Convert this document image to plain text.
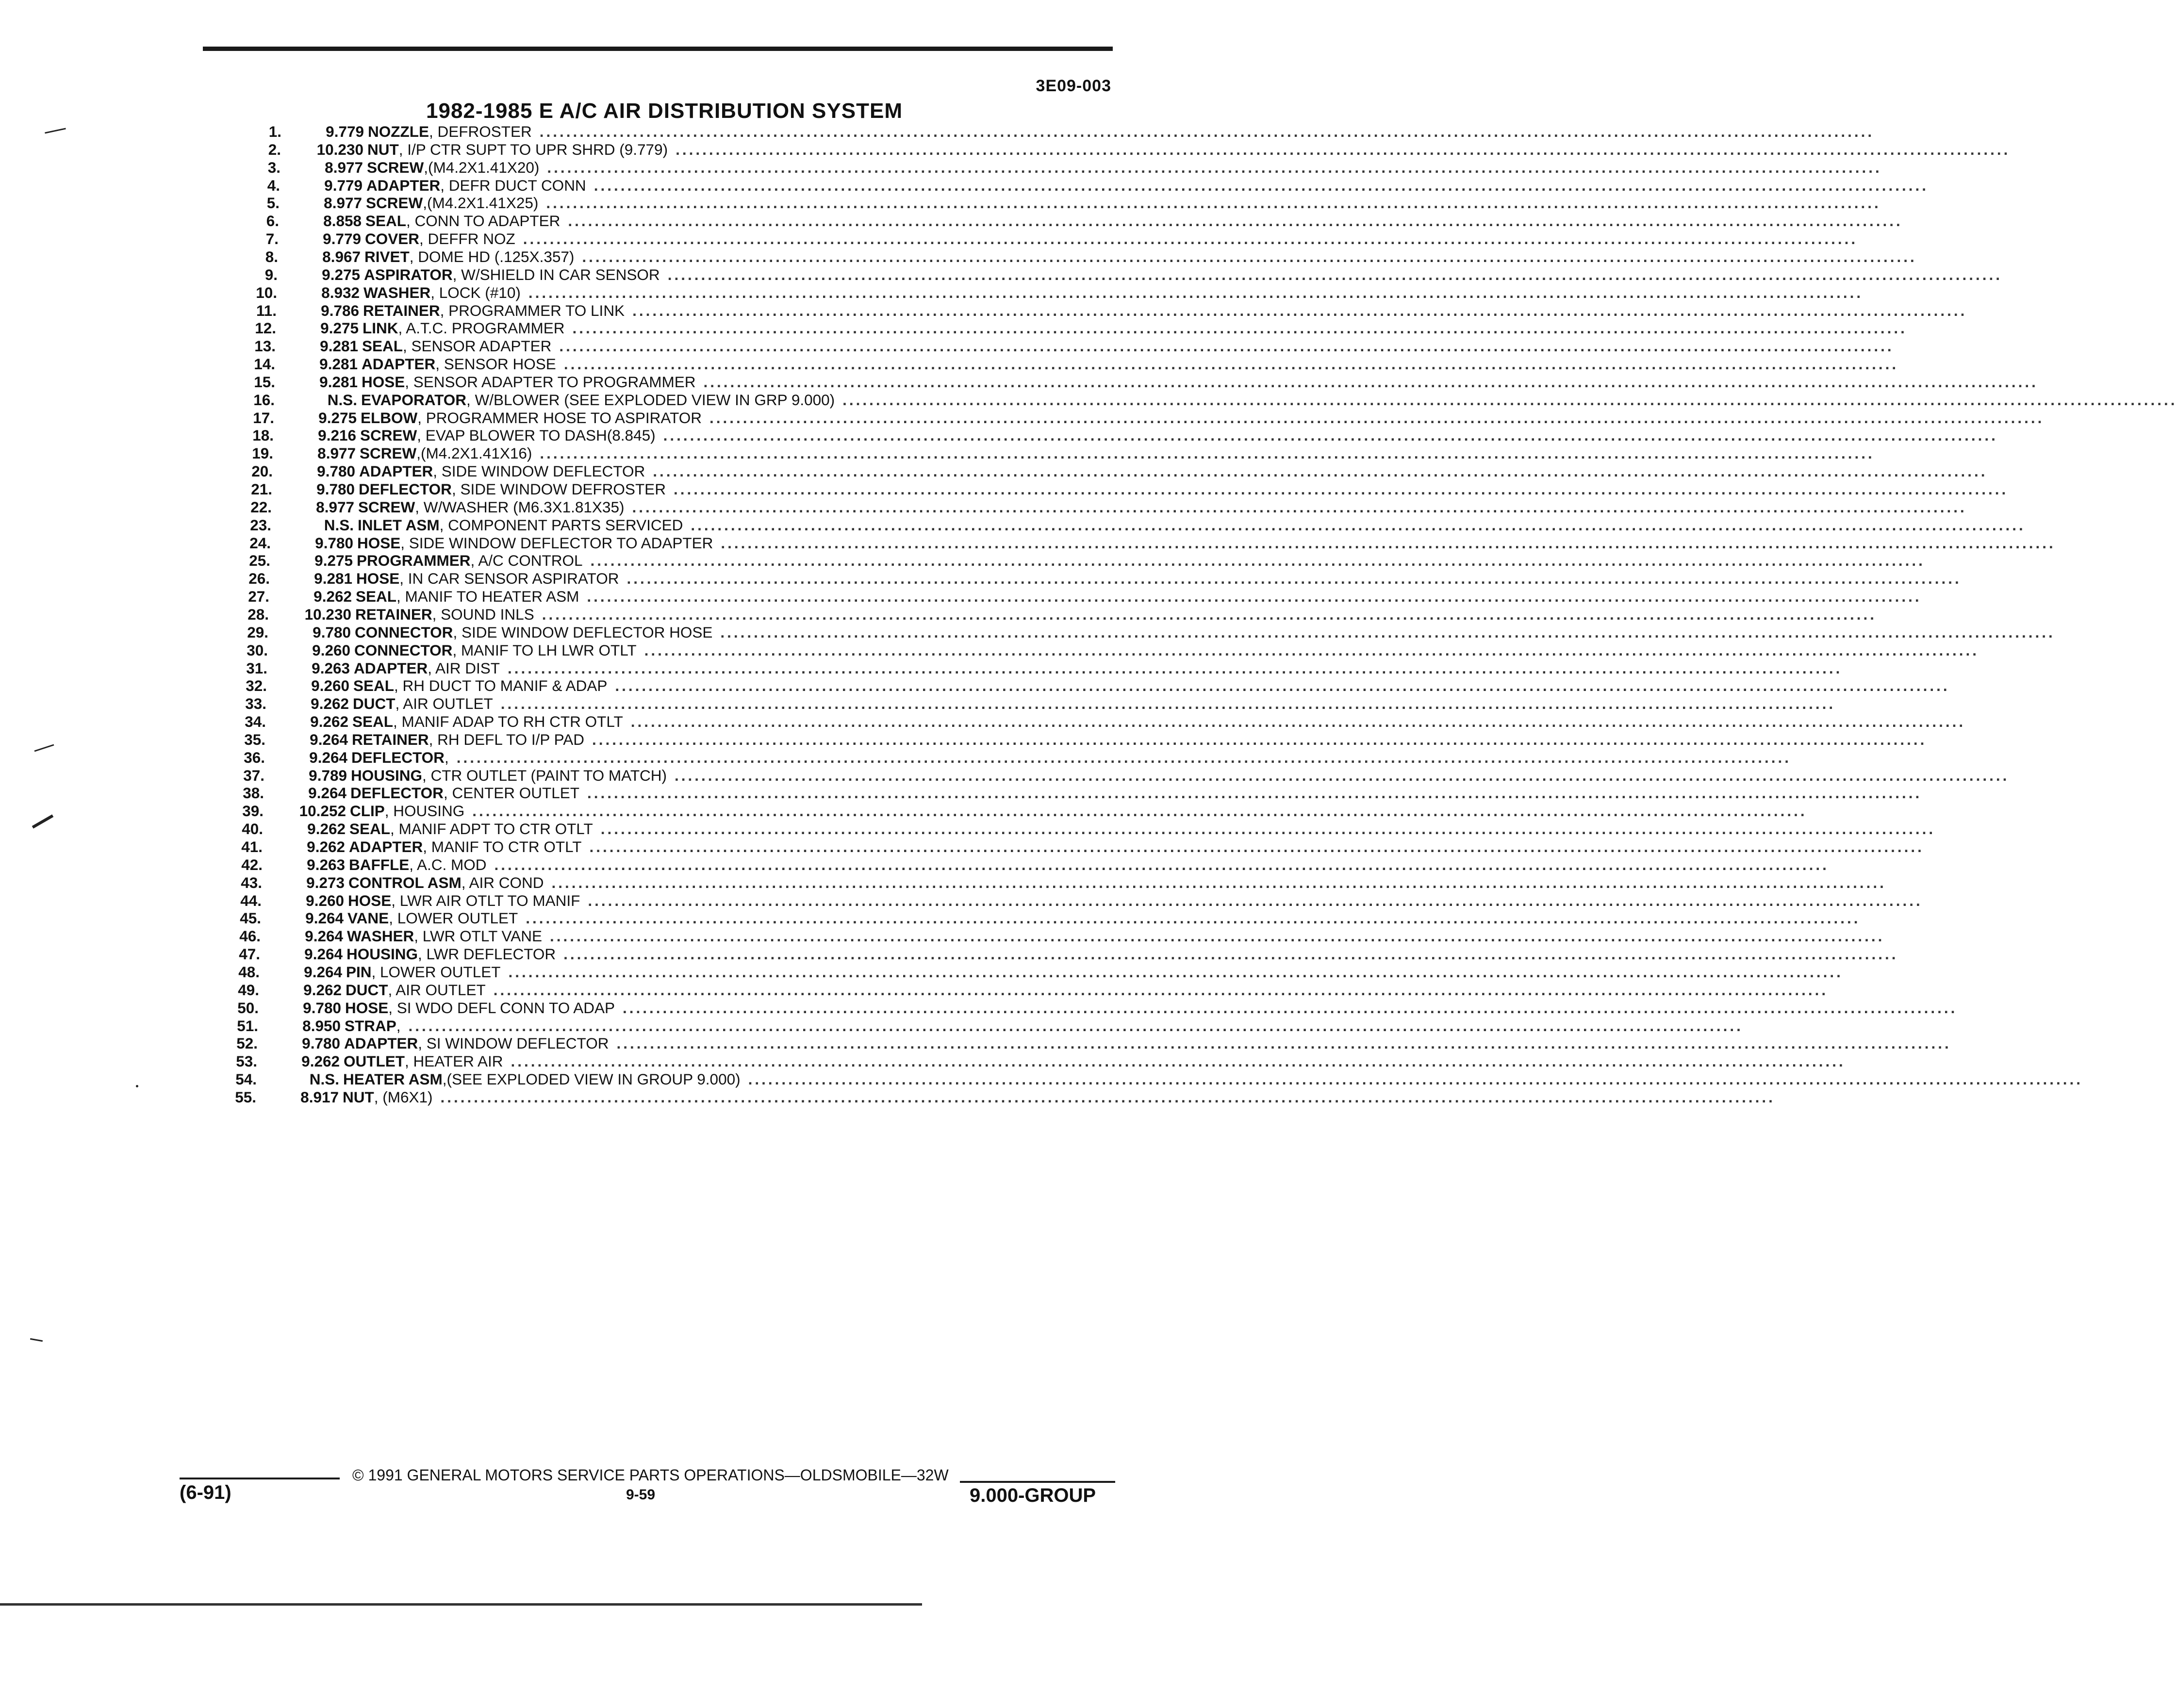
3E09-003
1982-1985 E A/C AIR DISTRIBUTION SYSTEM
1.	9.779 NOZZLE , DEFROSTER ........................................................................................................................................................................................................
2.	10.230 NUT , I/P CTR SUPT TO UPR SHRD (9.779) ........................................................................................................................................................................................................
3.	8.977 SCREW ,(M4.2X1.41X20) ........................................................................................................................................................................................................
4.	9.779 ADAPTER , DEFR DUCT CONN ........................................................................................................................................................................................................
5.	8.977 SCREW ,(M4.2X1.41X25) ........................................................................................................................................................................................................
6.	8.858 SEAL , CONN TO ADAPTER ........................................................................................................................................................................................................
7.	9.779 COVER , DEFFR NOZ ........................................................................................................................................................................................................
8.	8.967 RIVET , DOME HD (.125X.357) ........................................................................................................................................................................................................
9.	9.275 ASPIRATOR , W/SHIELD IN CAR SENSOR ........................................................................................................................................................................................................
10.	8.932 WASHER , LOCK (#10) ........................................................................................................................................................................................................
11.	9.786 RETAINER , PROGRAMMER TO LINK ........................................................................................................................................................................................................
12.	9.275 LINK , A.T.C. PROGRAMMER ........................................................................................................................................................................................................
13.	9.281 SEAL , SENSOR ADAPTER ........................................................................................................................................................................................................
14.	9.281 ADAPTER , SENSOR HOSE ........................................................................................................................................................................................................
15.	9.281 HOSE , SENSOR ADAPTER TO PROGRAMMER ........................................................................................................................................................................................................
16.	N.S. EVAPORATOR , W/BLOWER (SEE EXPLODED VIEW IN GRP 9.000) ........................................................................................................................................................................................................
17.	9.275 ELBOW , PROGRAMMER HOSE TO ASPIRATOR ........................................................................................................................................................................................................
18.	9.216 SCREW , EVAP BLOWER TO DASH(8.845) ........................................................................................................................................................................................................
19.	8.977 SCREW ,(M4.2X1.41X16) ........................................................................................................................................................................................................
20.	9.780 ADAPTER , SIDE WINDOW DEFLECTOR ........................................................................................................................................................................................................
21.	9.780 DEFLECTOR , SIDE WINDOW DEFROSTER ........................................................................................................................................................................................................
22.	8.977 SCREW , W/WASHER (M6.3X1.81X35) ........................................................................................................................................................................................................
23.	N.S. INLET ASM , COMPONENT PARTS SERVICED ........................................................................................................................................................................................................
24.	9.780 HOSE , SIDE WINDOW DEFLECTOR TO ADAPTER ........................................................................................................................................................................................................
25.	9.275 PROGRAMMER , A/C CONTROL ........................................................................................................................................................................................................
26.	9.281 HOSE , IN CAR SENSOR ASPIRATOR ........................................................................................................................................................................................................
27.	9.262 SEAL , MANIF TO HEATER ASM ........................................................................................................................................................................................................
28.	10.230 RETAINER , SOUND INLS ........................................................................................................................................................................................................
29.	9.780 CONNECTOR , SIDE WINDOW DEFLECTOR HOSE ........................................................................................................................................................................................................
30.	9.260 CONNECTOR , MANIF TO LH LWR OTLT ........................................................................................................................................................................................................
31.	9.263 ADAPTER , AIR DIST ........................................................................................................................................................................................................
32.	9.260 SEAL , RH DUCT TO MANIF & ADAP ........................................................................................................................................................................................................
33.	9.262 DUCT , AIR OUTLET ........................................................................................................................................................................................................
34.	9.262 SEAL , MANIF ADAP TO RH CTR OTLT ........................................................................................................................................................................................................
35.	9.264 RETAINER , RH DEFL TO I/P PAD ........................................................................................................................................................................................................
36.	9.264 DEFLECTOR , ........................................................................................................................................................................................................
37.	9.789 HOUSING , CTR OUTLET (PAINT TO MATCH) ........................................................................................................................................................................................................
38.	9.264 DEFLECTOR , CENTER OUTLET ........................................................................................................................................................................................................
39.	10.252 CLIP , HOUSING ........................................................................................................................................................................................................
40.	9.262 SEAL , MANIF ADPT TO CTR OTLT ........................................................................................................................................................................................................
41.	9.262 ADAPTER , MANIF TO CTR OTLT ........................................................................................................................................................................................................
42.	9.263 BAFFLE , A.C. MOD ........................................................................................................................................................................................................
43.	9.273 CONTROL ASM , AIR COND ........................................................................................................................................................................................................
44.	9.260 HOSE , LWR AIR OTLT TO MANIF ........................................................................................................................................................................................................
45.	9.264 VANE , LOWER OUTLET ........................................................................................................................................................................................................
46.	9.264 WASHER , LWR OTLT VANE ........................................................................................................................................................................................................
47.	9.264 HOUSING , LWR DEFLECTOR ........................................................................................................................................................................................................
48.	9.264 PIN , LOWER OUTLET ........................................................................................................................................................................................................
49.	9.262 DUCT , AIR OUTLET ........................................................................................................................................................................................................
50.	9.780 HOSE , SI WDO DEFL CONN TO ADAP ........................................................................................................................................................................................................
51.	8.950 STRAP , ........................................................................................................................................................................................................
52.	9.780 ADAPTER , SI WINDOW DEFLECTOR ........................................................................................................................................................................................................
53.	9.262 OUTLET , HEATER AIR ........................................................................................................................................................................................................
54.	N.S. HEATER ASM ,(SEE EXPLODED VIEW IN GROUP 9.000) ........................................................................................................................................................................................................
55.	8.917 NUT , (M6X1) ........................................................................................................................................................................................................
© 1991 GENERAL MOTORS SERVICE PARTS OPERATIONS—OLDSMOBILE—32W
(6-91)	9-59	9.000-GROUP
